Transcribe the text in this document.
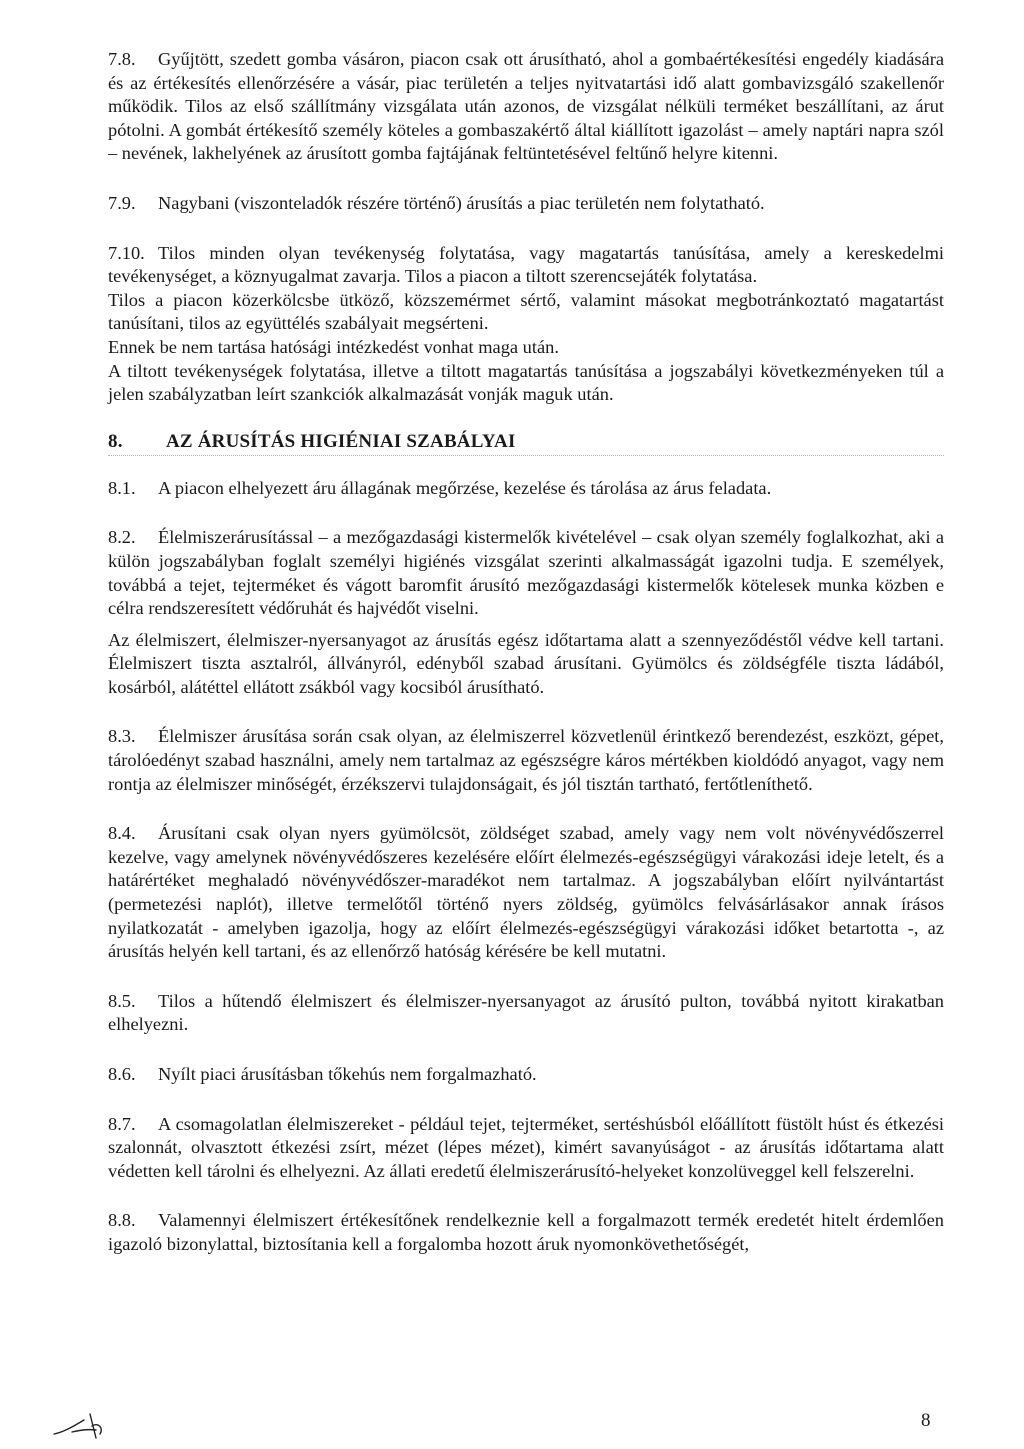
7.8. Gyűjtött, szedett gomba vásáron, piacon csak ott árusítható, ahol a gombaértékesítési engedély kiadására és az értékesítés ellenőrzésére a vásár, piac területén a teljes nyitvatartási idő alatt gombavizsgáló szakellenőr működik. Tilos az első szállítmány vizsgálata után azonos, de vizsgálat nélküli terméket beszállítani, az árut pótolni. A gombát értékesítő személy köteles a gombaszakértő által kiállított igazolást – amely naptári napra szól – nevének, lakhelyének az árusított gomba fajtájának feltüntetésével feltűnő helyre kitenni.

7.9. Nagybani (viszonteladók részére történő) árusítás a piac területén nem folytatható.

7.10. Tilos minden olyan tevékenység folytatása, vagy magatartás tanúsítása, amely a kereskedelmi tevékenységet, a köznyugalmat zavarja. Tilos a piacon a tiltott szerencsejáték folytatása.

Tilos a piacon közerkölcsbe ütköző, közszemérmet sértő, valamint másokat megbotránkoztató magatartást tanúsítani, tilos az együttélés szabályait megsérteni.

Ennek be nem tartása hatósági intézkedést vonhat maga után.

A tiltott tevékenységek folytatása, illetve a tiltott magatartás tanúsítása a jogszabályi következményeken túl a jelen szabályzatban leírt szankciók alkalmazását vonják maguk után.

8. AZ ÁRUSÍTÁS HIGIÉNIAI SZABÁLYAI

8.1. A piacon elhelyezett áru állagának megőrzése, kezelése és tárolása az árus feladata.

8.2. Élelmiszerárusítással – a mezőgazdasági kistermelők kivételével – csak olyan személy foglalkozhat, aki a külön jogszabályban foglalt személyi higiénés vizsgálat szerinti alkalmasságát igazolni tudja. E személyek, továbbá a tejet, tejterméket és vágott baromfit árusító mezőgazdasági kistermelők kötelesek munka közben e célra rendszeresített védőruhát és hajvédőt viselni.

Az élelmiszert, élelmiszer-nyersanyagot az árusítás egész időtartama alatt a szennyeződéstől védve kell tartani. Élelmiszert tiszta asztalról, állványról, edényből szabad árusítani. Gyümölcs és zöldségféle tiszta ládából, kosárból, alátéttel ellátott zsákból vagy kocsiból árusítható.

8.3. Élelmiszer árusítása során csak olyan, az élelmiszerrel közvetlenül érintkező berendezést, eszközt, gépet, tárolóedényt szabad használni, amely nem tartalmaz az egészségre káros mértékben kioldódó anyagot, vagy nem rontja az élelmiszer minőségét, érzékszervi tulajdonságait, és jól tisztán tartható, fertőtleníthető.

8.4. Árusítani csak olyan nyers gyümölcsöt, zöldséget szabad, amely vagy nem volt növényvédőszerrel kezelve, vagy amelynek növényvédőszeres kezelésére előírt élelmezés-egészségügyi várakozási ideje letelt, és a határértéket meghaladó növényvédőszer-maradékot nem tartalmaz. A jogszabályban előírt nyilvántartást (permetezési naplót), illetve termelőtől történő nyers zöldség, gyümölcs felvásárlásakor annak írásos nyilatkozatát - amelyben igazolja, hogy az előírt élelmezés-egészségügyi várakozási időket betartotta -, az árusítás helyén kell tartani, és az ellenőrző hatóság kérésére be kell mutatni.

8.5. Tilos a hűtendő élelmiszert és élelmiszer-nyersanyagot az árusító pulton, továbbá nyitott kirakatban elhelyezni.

8.6. Nyílt piaci árusításban tőkehús nem forgalmazható.

8.7. A csomagolatlan élelmiszereket - például tejet, tejterméket, sertéshúsból előállított füstölt húst és étkezési szalonnát, olvasztott étkezési zsírt, mézet (lépes mézet), kimért savanyúságot - az árusítás időtartama alatt védetten kell tárolni és elhelyezni. Az állati eredetű élelmiszerárusító-helyeket konzolüveggel kell felszerelni.

8.8. Valamennyi élelmiszert értékesítőnek rendelkeznie kell a forgalmazott termék eredetét hitelt érdemlően igazoló bizonylattal, biztosítania kell a forgalomba hozott áruk nyomonkövethetőségét,

8
